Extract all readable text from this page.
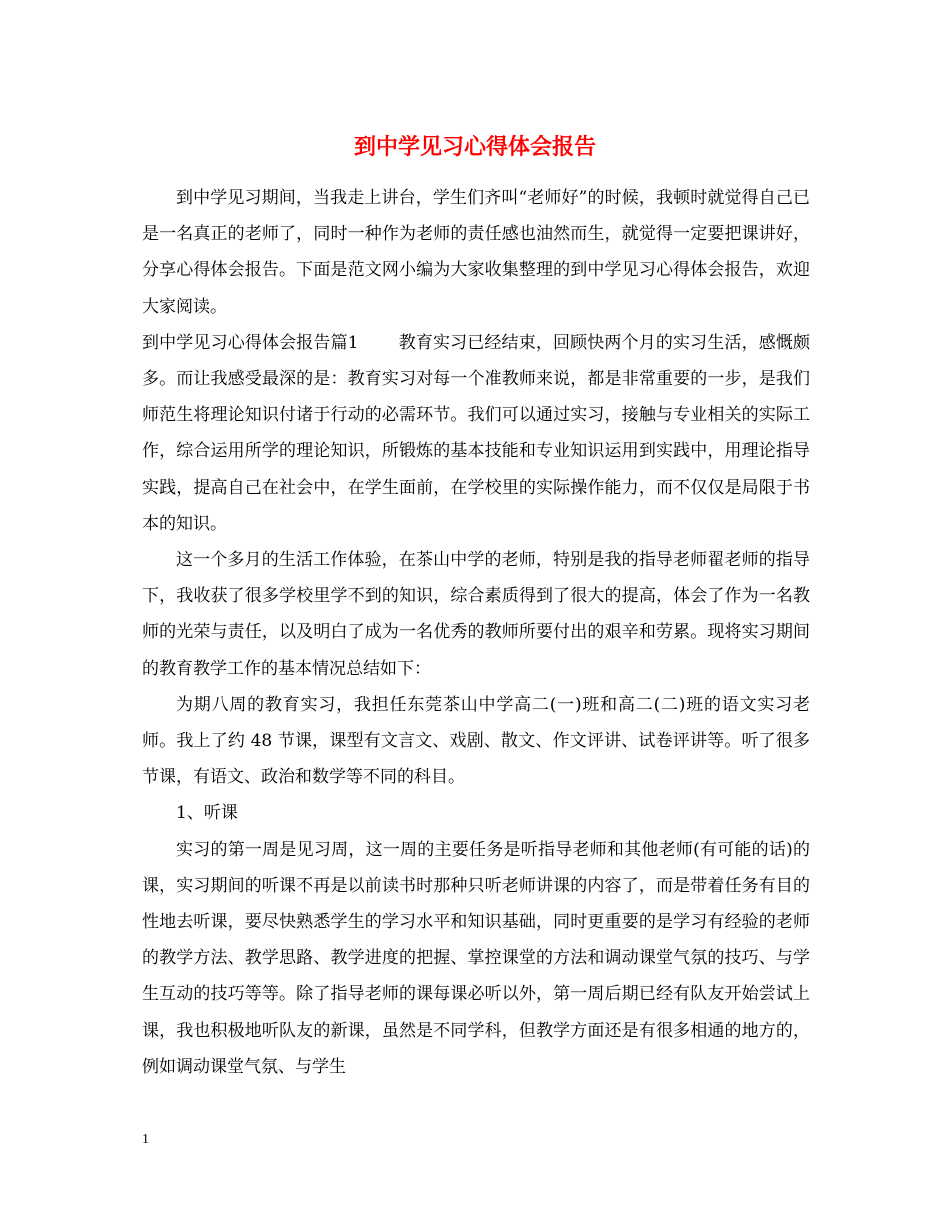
到中学见习心得体会报告

到中学见习期间，当我走上讲台，学生们齐叫“老师好”的时候，我顿时就觉得自己已是一名真正的老师了，同时一种作为老师的责任感也油然而生，就觉得一定要把课讲好，分享心得体会报告。下面是范文网小编为大家收集整理的到中学见习心得体会报告，欢迎大家阅读。

到中学见习心得体会报告篇1 教育实习已经结束，回顾快两个月的实习生活，感慨颇多。而让我感受最深的是：教育实习对每一个准教师来说，都是非常重要的一步，是我们师范生将理论知识付诸于行动的必需环节。我们可以通过实习，接触与专业相关的实际工作，综合运用所学的理论知识，所锻炼的基本技能和专业知识运用到实践中，用理论指导实践，提高自己在社会中，在学生面前，在学校里的实际操作能力，而不仅仅是局限于书本的知识。

这一个多月的生活工作体验，在茶山中学的老师，特别是我的指导老师翟老师的指导下，我收获了很多学校里学不到的知识，综合素质得到了很大的提高，体会了作为一名教师的光荣与责任，以及明白了成为一名优秀的教师所要付出的艰辛和劳累。现将实习期间的教育教学工作的基本情况总结如下：

为期八周的教育实习，我担任东莞茶山中学高二(一)班和高二(二)班的语文实习老师。我上了约 48 节课，课型有文言文、戏剧、散文、作文评讲、试卷评讲等。听了很多节课，有语文、政治和数学等不同的科目。

1、听课

实习的第一周是见习周，这一周的主要任务是听指导老师和其他老师(有可能的话)的课，实习期间的听课不再是以前读书时那种只听老师讲课的内容了，而是带着任务有目的性地去听课，要尽快熟悉学生的学习水平和知识基础，同时更重要的是学习有经验的老师的教学方法、教学思路、教学进度的把握、掌控课堂的方法和调动课堂气氛的技巧、与学生互动的技巧等等。除了指导老师的课每课必听以外，第一周后期已经有队友开始尝试上课，我也积极地听队友的新课，虽然是不同学科，但教学方面还是有很多相通的地方的，例如调动课堂气氛、与学生

1
